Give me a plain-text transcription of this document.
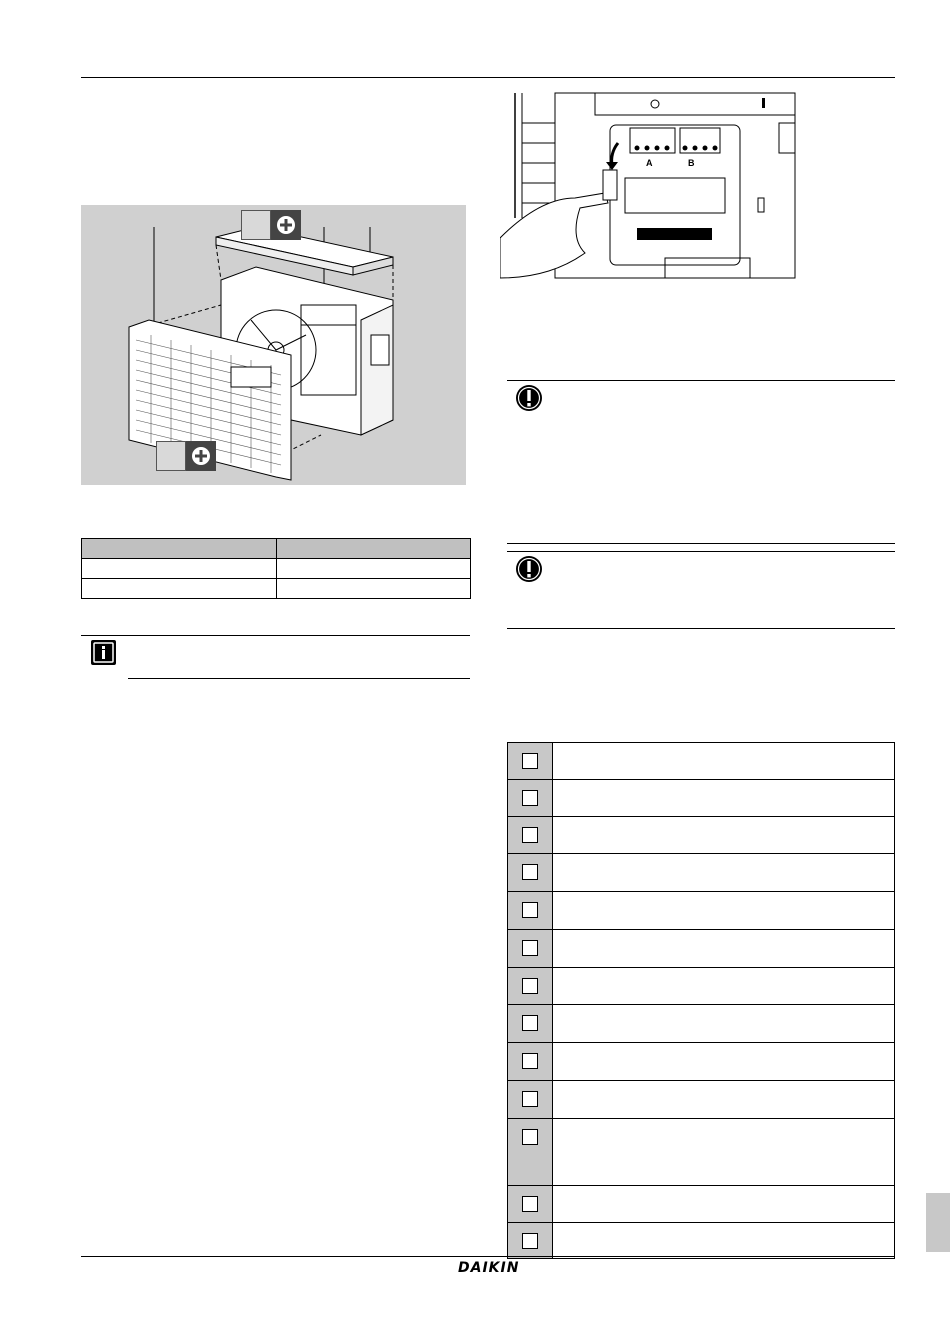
A	B
DAIKIN
